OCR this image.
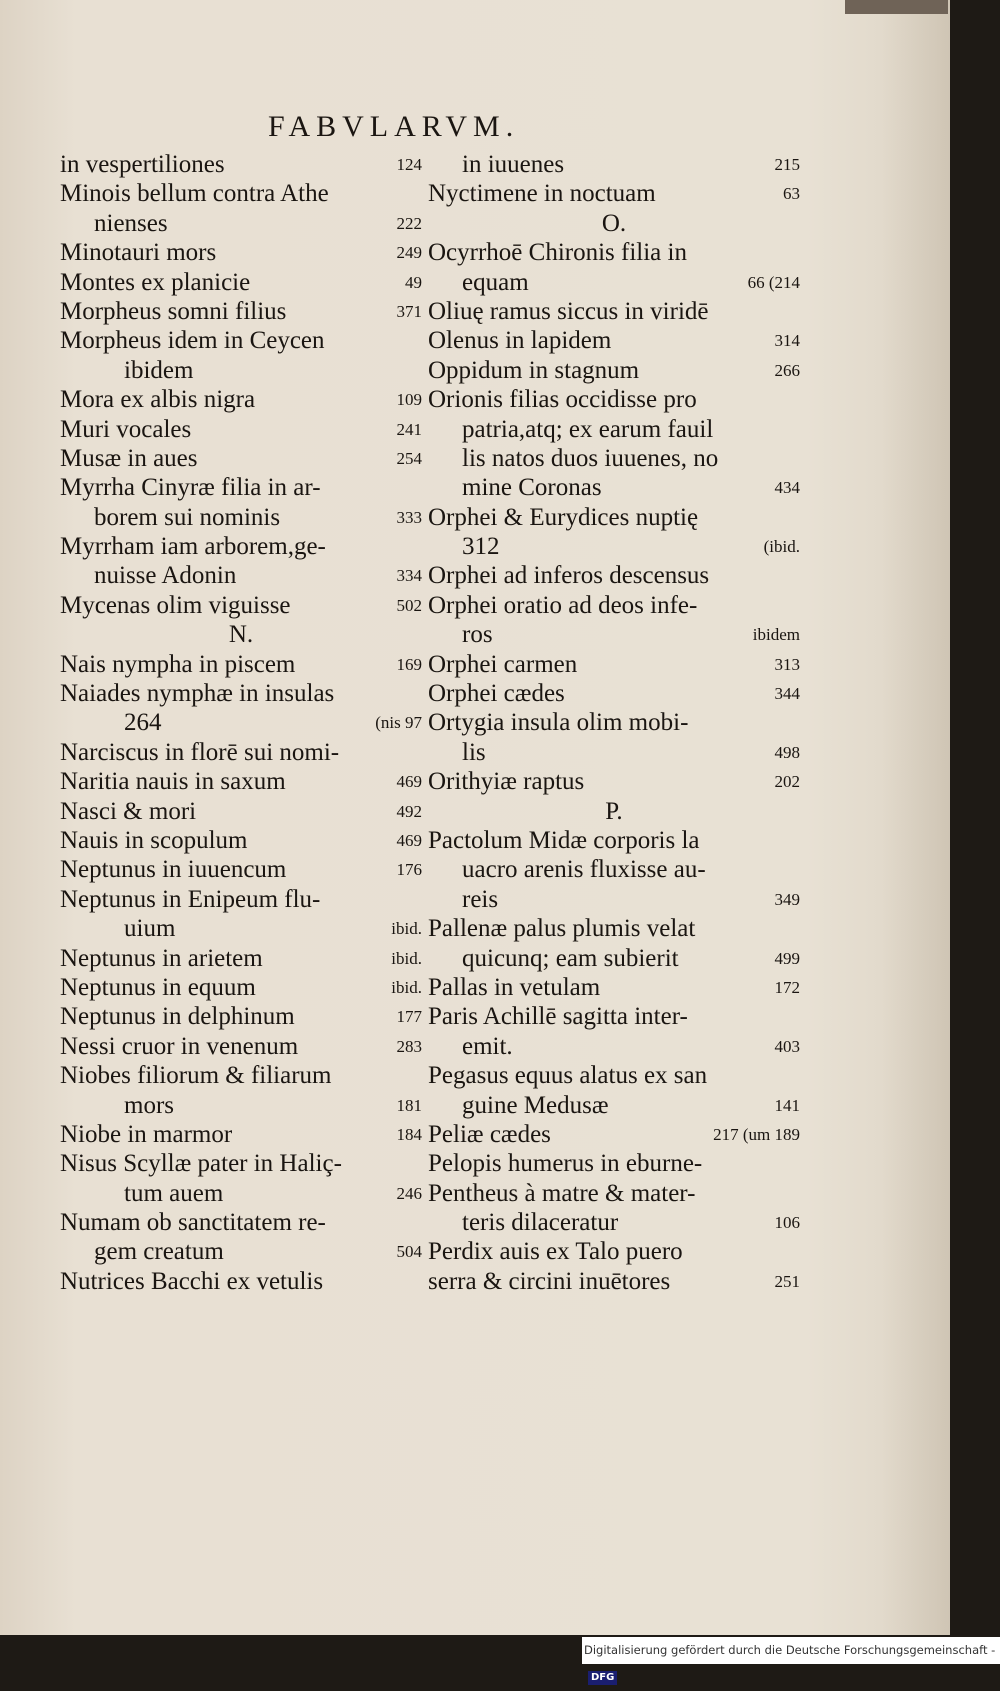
FABVLARVM.
in vespertiliones	124
Minois bellum contra Athe
nienses	222
Minotauri mors	249
Montes ex planicie	49
Morpheus somni filius	371
Morpheus idem in Ceycen
ibidem
Mora ex albis nigra	109
Muri vocales	241
Musæ in aues	254
Myrrha Cinyræ filia in ar-
borem sui nominis	333
Myrrham iam arborem,ge-
nuisse Adonin	334
Mycenas olim viguisse	502
N.
Nais nympha in piscem	169
Naiades nymphæ in insulas
264	(nis 97
Narciscus in florē sui nomi-
Naritia nauis in saxum	469
Nasci & mori	492
Nauis in scopulum	469
Neptunus in iuuencum	176
Neptunus in Enipeum flu-
uium	ibid.
Neptunus in arietem	ibid.
Neptunus in equum	ibid.
Neptunus in delphinum	177
Nessi cruor in venenum	283
Niobes filiorum & filiarum
mors	181
Niobe in marmor	184
Nisus Scyllæ pater in Haliç-
tum auem	246
Numam ob sanctitatem re-
gem creatum	504
Nutrices Bacchi ex vetulis
in iuuenes	215
Nyctimene in noctuam	63
O.
Ocyrrhoē Chironis filia in
equam	66 (214
Oliuę ramus siccus in viridē
Olenus in lapidem	314
Oppidum in stagnum	266
Orionis filias occidisse pro
patria,atq; ex earum fauil
lis natos duos iuuenes, no
mine Coronas	434
Orphei & Eurydices nuptię
312	(ibid.
Orphei ad inferos descensus
Orphei oratio ad deos infe-
ros	ibidem
Orphei carmen	313
Orphei cædes	344
Ortygia insula olim mobi-
lis	498
Orithyiæ raptus	202
P.
Pactolum Midæ corporis la
uacro arenis fluxisse au-
reis	349
Pallenæ palus plumis velat
quicunq; eam subierit	499
Pallas in vetulam	172
Paris Achillē sagitta inter-
emit.	403
Pegasus equus alatus ex san
guine Medusæ	141
Peliæ cædes	217 (um 189
Pelopis humerus in eburne-
Pentheus à matre & mater-
teris dilaceratur	106
Perdix auis ex Talo puero
serra & circini inuētores	251
Digitalisierung gefördert durch die Deutsche Forschungsgemeinschaft -DFG
